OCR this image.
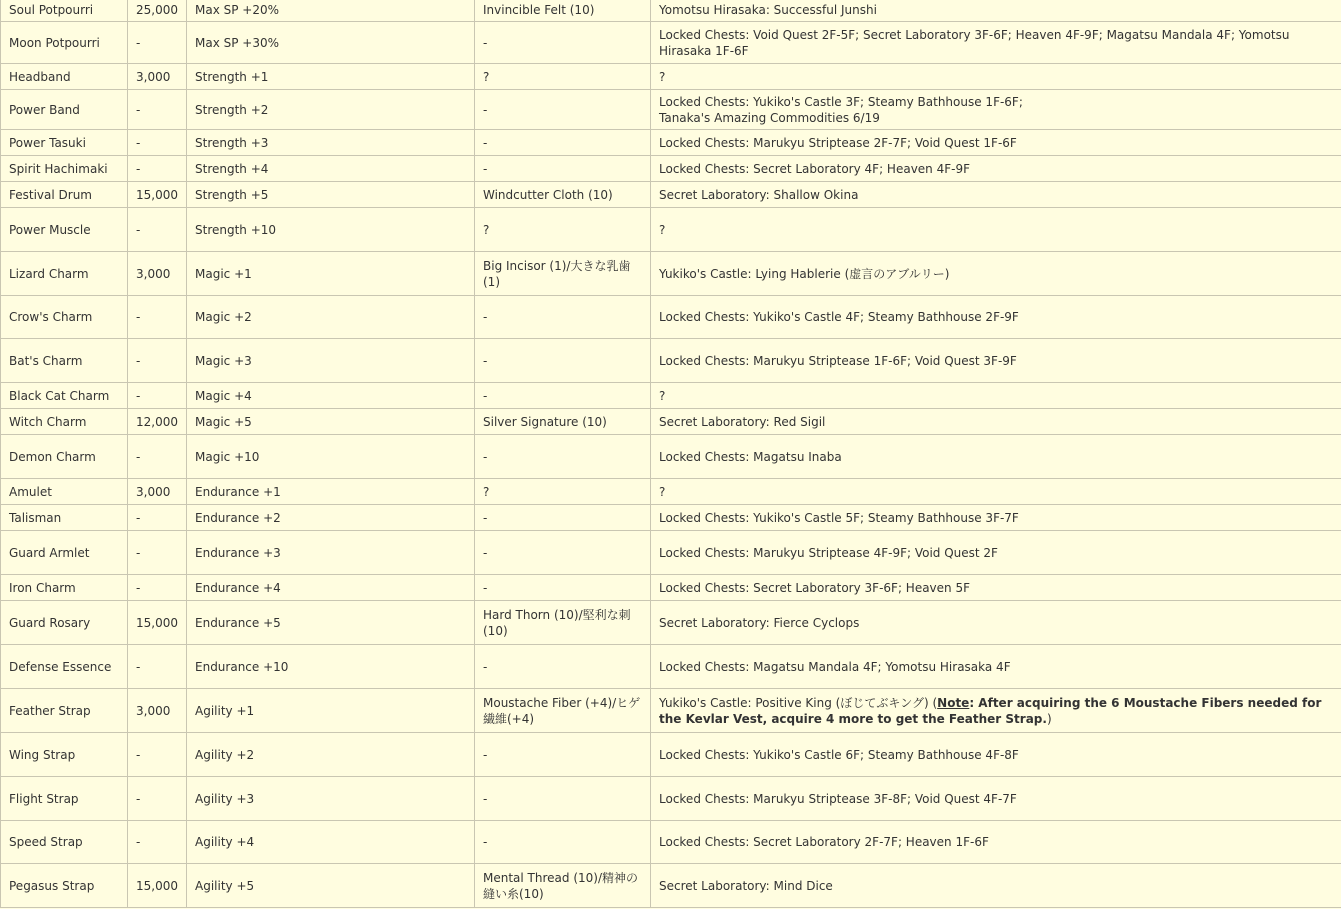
Soul Potpourri	25,000	Max SP +20%	Invincible Felt (10)	Yomotsu Hirasaka: Successful Junshi
Moon Potpourri	-	Max SP +30%	-	Locked Chests: Void Quest 2F-5F; Secret Laboratory 3F-6F; Heaven 4F-9F; Magatsu Mandala 4F; Yomotsu Hirasaka 1F-6F
Headband	3,000	Strength +1	?	?
Power Band	-	Strength +2	-	Locked Chests: Yukiko's Castle 3F; Steamy Bathhouse 1F-6F;
Tanaka's Amazing Commodities 6/19
Power Tasuki	-	Strength +3	-	Locked Chests: Marukyu Striptease 2F-7F; Void Quest 1F-6F
Spirit Hachimaki	-	Strength +4	-	Locked Chests: Secret Laboratory 4F; Heaven 4F-9F
Festival Drum	15,000	Strength +5	Windcutter Cloth (10)	Secret Laboratory: Shallow Okina
Power Muscle	-	Strength +10	?	?
Lizard Charm	3,000	Magic +1	Big Incisor (1)/大きな乳歯 (1)	Yukiko's Castle: Lying Hablerie (虚言のアブルリー)
Crow's Charm	-	Magic +2	-	Locked Chests: Yukiko's Castle 4F; Steamy Bathhouse 2F-9F
Bat's Charm	-	Magic +3	-	Locked Chests: Marukyu Striptease 1F-6F; Void Quest 3F-9F
Black Cat Charm	-	Magic +4	-	?
Witch Charm	12,000	Magic +5	Silver Signature (10)	Secret Laboratory: Red Sigil
Demon Charm	-	Magic +10	-	Locked Chests: Magatsu Inaba
Amulet	3,000	Endurance +1	?	?
Talisman	-	Endurance +2	-	Locked Chests: Yukiko's Castle 5F; Steamy Bathhouse 3F-7F
Guard Armlet	-	Endurance +3	-	Locked Chests: Marukyu Striptease 4F-9F; Void Quest 2F
Iron Charm	-	Endurance +4	-	Locked Chests: Secret Laboratory 3F-6F; Heaven 5F
Guard Rosary	15,000	Endurance +5	Hard Thorn (10)/堅利な刺 (10)	Secret Laboratory: Fierce Cyclops
Defense Essence	-	Endurance +10	-	Locked Chests: Magatsu Mandala 4F; Yomotsu Hirasaka 4F
Feather Strap	3,000	Agility +1	Moustache Fiber (+4)/ヒゲ繊維(+4)	Yukiko's Castle: Positive King (ぼじてぶキング) (Note: After acquiring the 6 Moustache Fibers needed for the Kevlar Vest, acquire 4 more to get the Feather Strap.)
Wing Strap	-	Agility +2	-	Locked Chests: Yukiko's Castle 6F; Steamy Bathhouse 4F-8F
Flight Strap	-	Agility +3	-	Locked Chests: Marukyu Striptease 3F-8F; Void Quest 4F-7F
Speed Strap	-	Agility +4	-	Locked Chests: Secret Laboratory 2F-7F; Heaven 1F-6F
Pegasus Strap	15,000	Agility +5	Mental Thread (10)/精神の縫い糸(10)	Secret Laboratory: Mind Dice
